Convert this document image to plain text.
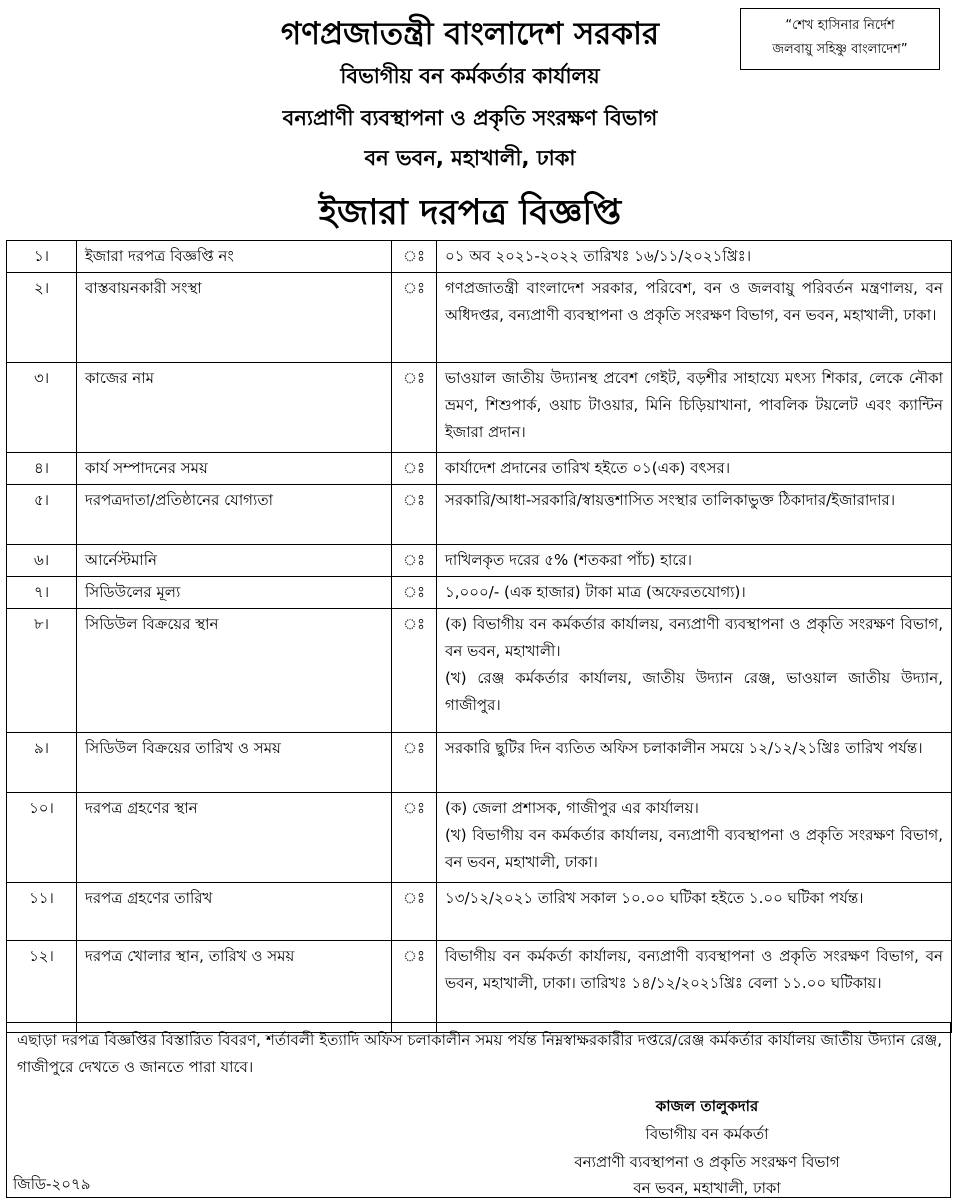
গণপ্রজাতন্ত্রী বাংলাদেশ সরকার
বিভাগীয় বন কর্মকর্তার কার্যালয়
বন্যপ্রাণী ব্যবস্থাপনা ও প্রকৃতি সংরক্ষণ বিভাগ
বন ভবন, মহাখালী, ঢাকা
ইজারা দরপত্র বিজ্ঞপ্তি
“শেখ হাসিনার নির্দেশ
জলবায়ু সহিষ্ণু বাংলাদেশ”
১।	ইজারা দরপত্র বিজ্ঞপ্তি নং	ঃ	০১ অব ২০২১-২০২২ তারিখঃ ১৬/১১/২০২১খ্রিঃ।
২।	বাস্তবায়নকারী সংস্থা	ঃ	গণপ্রজাতন্ত্রী বাংলাদেশ সরকার, পরিবেশ, বন ও জলবায়ু পরিবর্তন মন্ত্রণালয়, বন অধিদপ্তর, বন্যপ্রাণী ব্যবস্থাপনা ও প্রকৃতি সংরক্ষণ বিভাগ, বন ভবন, মহাখালী, ঢাকা।
৩।	কাজের নাম	ঃ	ভাওয়াল জাতীয় উদ্যানস্থ প্রবেশ গেইট, বড়শীর সাহায্যে মৎস্য শিকার, লেকে নৌকা ভ্রমণ, শিশুপার্ক, ওয়াচ টাওয়ার, মিনি চিড়িয়াখানা, পাবলিক টয়লেট এবং ক্যান্টিন ইজারা প্রদান।
৪।	কার্য সম্পাদনের সময়	ঃ	কার্যাদেশ প্রদানের তারিখ হইতে ০১(এক) বৎসর।
৫।	দরপত্রদাতা/প্রতিষ্ঠানের যোগ্যতা	ঃ	সরকারি/আধা-সরকারি/স্বায়ত্তশাসিত সংস্থার তালিকাভুক্ত ঠিকাদার/ইজারাদার।
৬।	আর্নেস্টমানি	ঃ	দাখিলকৃত দরের ৫% (শতকরা পাঁচ) হারে।
৭।	সিডিউলের মূল্য	ঃ	১,০০০/- (এক হাজার) টাকা মাত্র (অফেরতযোগ্য)।
৮।	সিডিউল বিক্রয়ের স্থান	ঃ	(ক) বিভাগীয় বন কর্মকর্তার কার্যালয়, বন্যপ্রাণী ব্যবস্থাপনা ও প্রকৃতি সংরক্ষণ বিভাগ, বন ভবন, মহাখালী।
(খ) রেঞ্জ কর্মকর্তার কার্যালয়, জাতীয় উদ্যান রেঞ্জ, ভাওয়াল জাতীয় উদ্যান, গাজীপুর।

৯।	সিডিউল বিক্রয়ের তারিখ ও সময়	ঃ	সরকারি ছুটির দিন ব্যতিত অফিস চলাকালীন সময়ে ১২/১২/২১খ্রিঃ তারিখ পর্যন্ত।
১০।	দরপত্র গ্রহণের স্থান	ঃ	(ক) জেলা প্রশাসক, গাজীপুর এর কার্যালয়।
(খ) বিভাগীয় বন কর্মকর্তার কার্যালয়, বন্যপ্রাণী ব্যবস্থাপনা ও প্রকৃতি সংরক্ষণ বিভাগ, বন ভবন, মহাখালী, ঢাকা।

১১।	দরপত্র গ্রহণের তারিখ	ঃ	১৩/১২/২০২১ তারিখ সকাল ১০.০০ ঘটিকা হইতে ১.০০ ঘটিকা পর্যন্ত।
১২।	দরপত্র খোলার স্থান, তারিখ ও সময়	ঃ	বিভাগীয় বন কর্মকর্তা কার্যালয়, বন্যপ্রাণী ব্যবস্থাপনা ও প্রকৃতি সংরক্ষণ বিভাগ, বন ভবন, মহাখালী, ঢাকা। তারিখঃ ১৪/১২/২০২১খ্রিঃ বেলা ১১.০০ ঘটিকায়।
এছাড়া দরপত্র বিজ্ঞপ্তির বিস্তারিত বিবরণ, শর্তাবলী ইত্যাদি অফিস চলাকালীন সময় পর্যন্ত নিম্নস্বাক্ষরকারীর দপ্তরে/রেঞ্জ কর্মকর্তার কার্যালয় জাতীয় উদ্যান রেঞ্জ, গাজীপুরে দেখতে ও জানতে পারা যাবে।
কাজল তালুকদার
বিভাগীয় বন কর্মকর্তা
বন্যপ্রাণী ব্যবস্থাপনা ও প্রকৃতি সংরক্ষণ বিভাগ
বন ভবন, মহাখালী, ঢাকা
জিডি-২০৭৯
